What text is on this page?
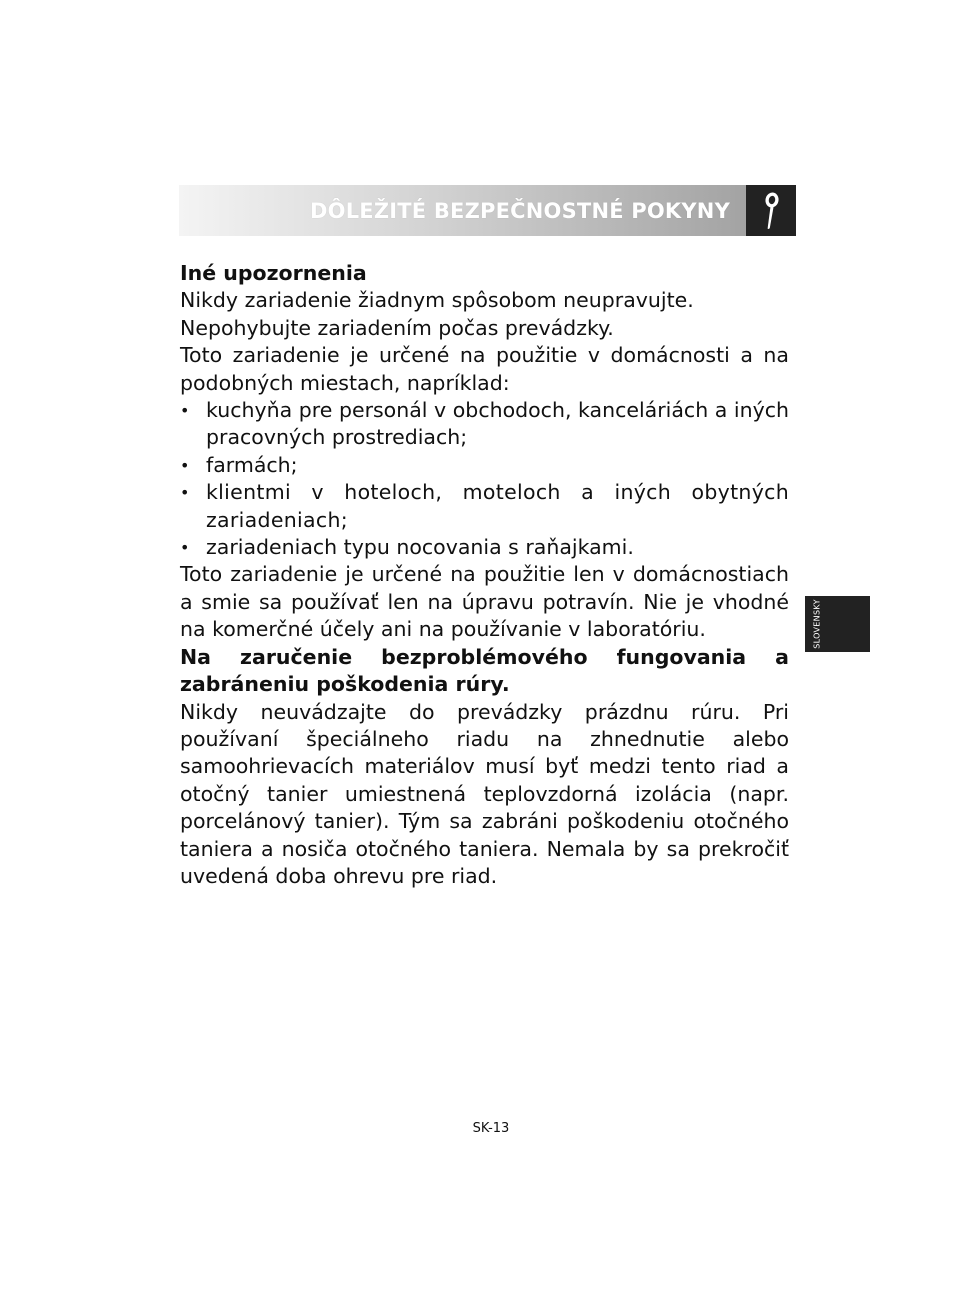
DÔLEŽITÉ BEZPEČNOSTNÉ POKYNY

Iné upozornenia

Nikdy zariadenie žiadnym spôsobom neupravujte.

Nepohybujte zariadením počas prevádzky.

Toto zariadenie je určené na použitie v domácnosti a na podobných miestach, napríklad:

• kuchyňa pre personál v obchodoch, kanceláriách a iných pracovných prostrediach;
• farmách;
• klientmi v hoteloch, moteloch a iných obytných zariadeniach;
• zariadeniach typu nocovania s raňajkami.

Toto zariadenie je určené na použitie len v domácnostiach a smie sa používať len na úpravu potravín. Nie je vhodné na komerčné účely ani na používanie v laboratóriu.

Na zaručenie bezproblémového fungovania a zabráneniu poškodenia rúry.

Nikdy neuvádzajte do prevádzky prázdnu rúru. Pri používaní špeciálneho riadu na zhnednutie alebo samoohrievacích materiálov musí byť medzi tento riad a otočný tanier umiestnená teplovzdorná izolácia (napr. porcelánový tanier). Tým sa zabráni poškodeniu otočného taniera a nosiča otočného taniera. Nemala by sa prekročiť uvedená doba ohrevu pre riad.

SLOVENSKY
SK-13
